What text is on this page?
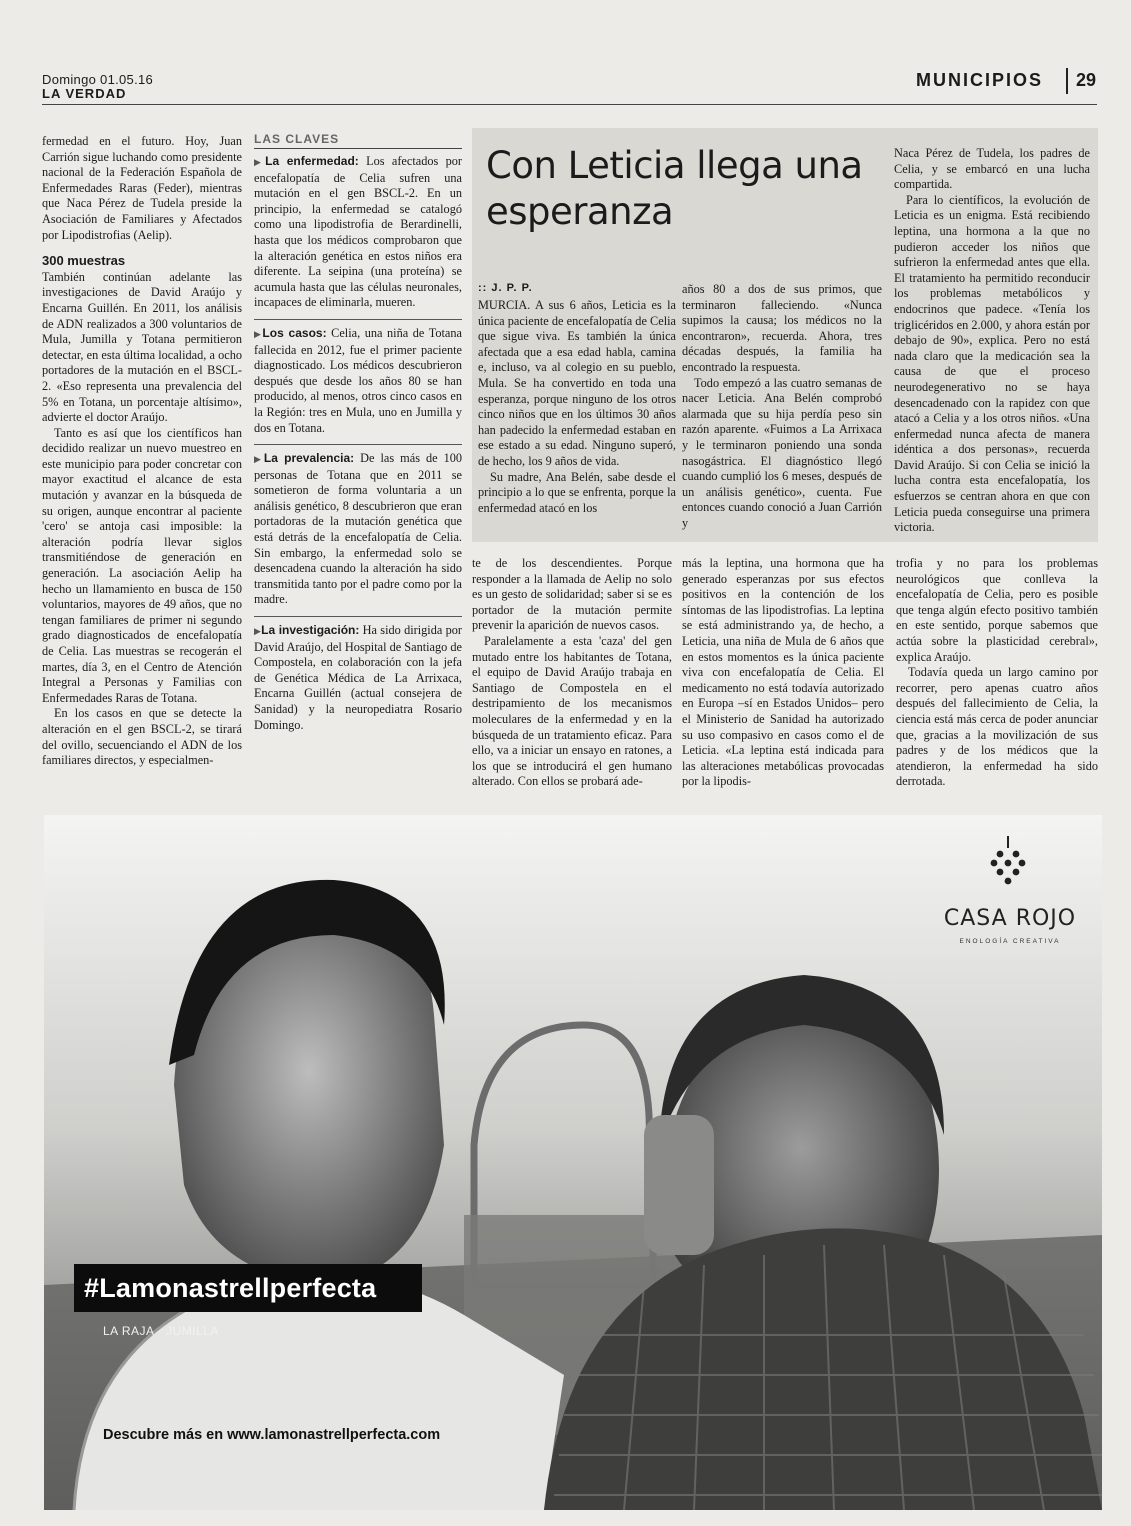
Domingo 01.05.16
LA VERDAD
MUNICIPIOS 29

fermedad en el futuro. Hoy, Juan Carrión sigue luchando como presidente nacional de la Federación Española de Enfermedades Raras (Feder), mientras que Naca Pérez de Tudela preside la Asociación de Familiares y Afectados por Lipodistrofias (Aelip).

300 muestras

También continúan adelante las investigaciones de David Araújo y Encarna Guillén. En 2011, los análisis de ADN realizados a 300 voluntarios de Mula, Jumilla y Totana permitieron detectar, en esta última localidad, a ocho portadores de la mutación en el BSCL-2. «Eso representa una prevalencia del 5% en Totana, un porcentaje altísimo», advierte el doctor Araújo.

Tanto es así que los científicos han decidido realizar un nuevo muestreo en este municipio para poder concretar con mayor exactitud el alcance de esta mutación y avanzar en la búsqueda de su origen, aunque encontrar al paciente 'cero' se antoja casi imposible: la alteración podría llevar siglos transmitiéndose de generación en generación. La asociación Aelip ha hecho un llamamiento en busca de 150 voluntarios, mayores de 49 años, que no tengan familiares de primer ni segundo grado diagnosticados de encefalopatía de Celia. Las muestras se recogerán el martes, día 3, en el Centro de Atención Integral a Personas y Familias con Enfermedades Raras de Totana.

En los casos en que se detecte la alteración en el gen BSCL-2, se tirará del ovillo, secuenciando el ADN de los familiares directos, y especialmen-

LAS CLAVES
▶La enfermedad: Los afectados por encefalopatía de Celia sufren una mutación en el gen BSCL-2. En un principio, la enfermedad se catalogó como una lipodistrofia de Berardinelli, hasta que los médicos comprobaron que la alteración genética en estos niños era diferente. La seipina (una proteína) se acumula hasta que las células neuronales, incapaces de eliminarla, mueren.
▶Los casos: Celia, una niña de Totana fallecida en 2012, fue el primer paciente diagnosticado. Los médicos descubrieron después que desde los años 80 se han producido, al menos, otros cinco casos en la Región: tres en Mula, uno en Jumilla y dos en Totana.
▶La prevalencia: De las más de 100 personas de Totana que en 2011 se sometieron de forma voluntaria a un análisis genético, 8 descubrieron que eran portadoras de la mutación genética que está detrás de la encefalopatía de Celia. Sin embargo, la enfermedad solo se desencadena cuando la alteración ha sido transmitida tanto por el padre como por la madre.
▶La investigación: Ha sido dirigida por David Araújo, del Hospital de Santiago de Compostela, en colaboración con la jefa de Genética Médica de La Arrixaca, Encarna Guillén (actual consejera de Sanidad) y la neuropediatra Rosario Domingo.
Con Leticia llega una esperanza
:: J. P. P.

MURCIA. A sus 6 años, Leticia es la única paciente de encefalopatía de Celia que sigue viva. Es también la única afectada que a esa edad habla, camina e, incluso, va al colegio en su pueblo, Mula. Se ha convertido en toda una esperanza, porque ninguno de los otros cinco niños que en los últimos 30 años han padecido la enfermedad estaban en ese estado a su edad. Ninguno superó, de hecho, los 9 años de vida.

Su madre, Ana Belén, sabe desde el principio a lo que se enfrenta, porque la enfermedad atacó en los

años 80 a dos de sus primos, que terminaron falleciendo. «Nunca supimos la causa; los médicos no la encontraron», recuerda. Ahora, tres décadas después, la familia ha encontrado la respuesta.

Todo empezó a las cuatro semanas de nacer Leticia. Ana Belén comprobó alarmada que su hija perdía peso sin razón aparente. «Fuimos a La Arrixaca y le terminaron poniendo una sonda nasogástrica. El diagnóstico llegó cuando cumplió los 6 meses, después de un análisis genético», cuenta. Fue entonces cuando conoció a Juan Carrión y

Naca Pérez de Tudela, los padres de Celia, y se embarcó en una lucha compartida.

Para lo científicos, la evolución de Leticia es un enigma. Está recibiendo leptina, una hormona a la que no pudieron acceder los niños que sufrieron la enfermedad antes que ella. El tratamiento ha permitido reconducir los problemas metabólicos y endocrinos que padece. «Tenía los triglicéridos en 2.000, y ahora están por debajo de 90», explica. Pero no está nada claro que la medicación sea la causa de que el proceso neurodegenerativo no se haya desencadenado con la rapidez con que atacó a Celia y a los otros niños. «Una enfermedad nunca afecta de manera idéntica a dos personas», recuerda David Araújo. Si con Celia se inició la lucha contra esta encefalopatía, los esfuerzos se centran ahora en que con Leticia pueda conseguirse una primera victoria.

te de los descendientes. Porque responder a la llamada de Aelip no solo es un gesto de solidaridad; saber si se es portador de la mutación permite prevenir la aparición de nuevos casos.

Paralelamente a esta 'caza' del gen mutado entre los habitantes de Totana, el equipo de David Araújo trabaja en Santiago de Compostela en el destripamiento de los mecanismos moleculares de la enfermedad y en la búsqueda de un tratamiento eficaz. Para ello, va a iniciar un ensayo en ratones, a los que se introducirá el gen humano alterado. Con ellos se probará ade-

más la leptina, una hormona que ha generado esperanzas por sus efectos positivos en la contención de los síntomas de las lipodistrofias. La leptina se está administrando ya, de hecho, a Leticia, una niña de Mula de 6 años que en estos momentos es la única paciente viva con encefalopatía de Celia. El medicamento no está todavía autorizado en Europa –sí en Estados Unidos– pero el Ministerio de Sanidad ha autorizado su uso compasivo en casos como el de Leticia. «La leptina está indicada para las alteraciones metabólicas provocadas por la lipodis-

trofia y no para los problemas neurológicos que conlleva la encefalopatía de Celia, pero es posible que tenga algún efecto positivo también en este sentido, porque sabemos que actúa sobre la plasticidad cerebral», explica Araújo.

Todavía queda un largo camino por recorrer, pero apenas cuatro años después del fallecimiento de Celia, la ciencia está más cerca de poder anunciar que, gracias a la movilización de sus padres y de los médicos que la atendieron, la enfermedad ha sido derrotada.

CASA ROJO
ENOLOGÍA CREATIVA
#Lamonastrellperfecta
LA RAJA · JUMILLA
Descubre más en www.lamonastrellperfecta.com
